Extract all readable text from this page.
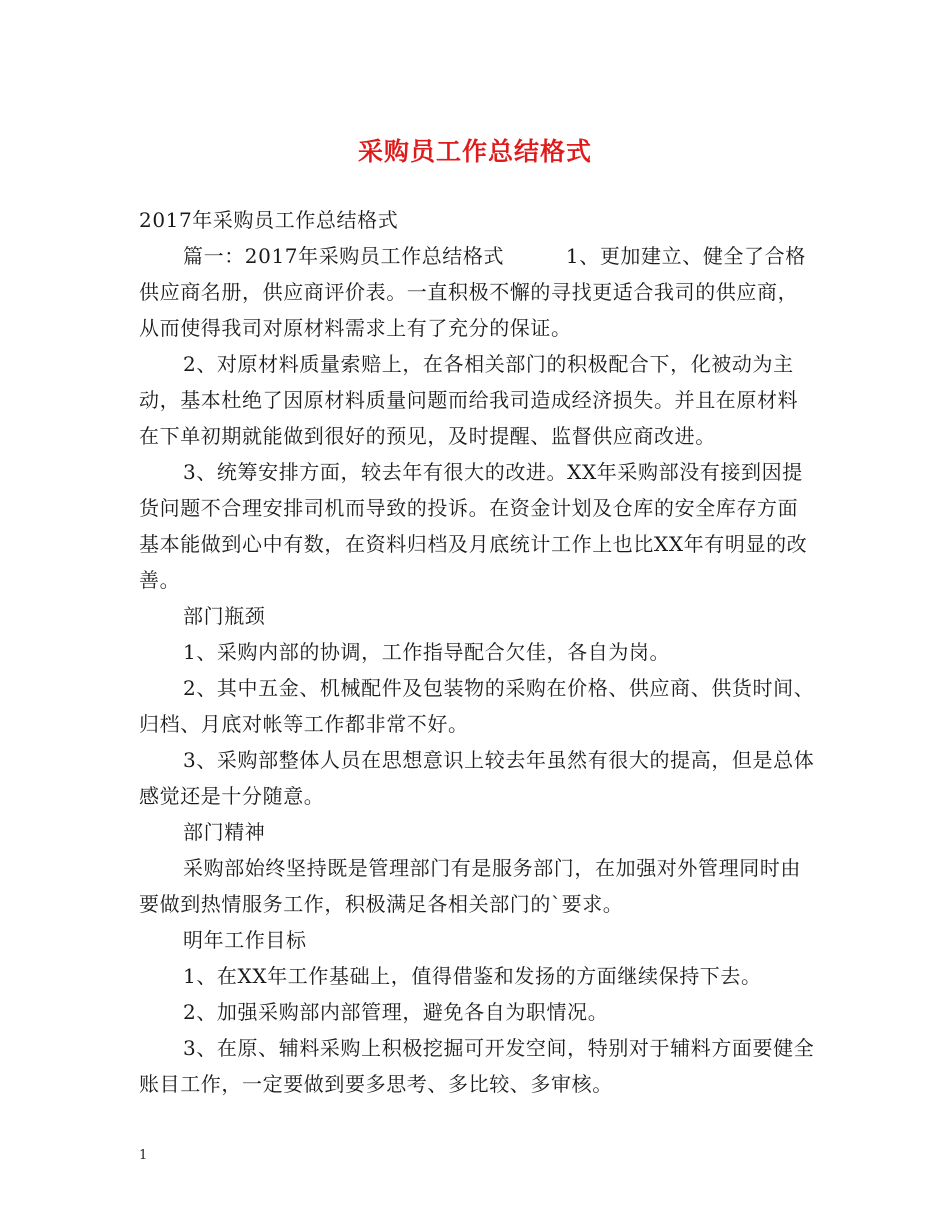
采购员工作总结格式

2017年采购员工作总结格式

篇一：2017年采购员工作总结格式　　　1、更加建立、健全了合格供应商名册，供应商评价表。一直积极不懈的寻找更适合我司的供应商，从而使得我司对原材料需求上有了充分的保证。

2、对原材料质量索赔上，在各相关部门的积极配合下，化被动为主动，基本杜绝了因原材料质量问题而给我司造成经济损失。并且在原材料在下单初期就能做到很好的预见，及时提醒、监督供应商改进。

3、统筹安排方面，较去年有很大的改进。XX年采购部没有接到因提货问题不合理安排司机而导致的投诉。在资金计划及仓库的安全库存方面基本能做到心中有数，在资料归档及月底统计工作上也比XX年有明显的改善。

部门瓶颈

1、采购内部的协调，工作指导配合欠佳，各自为岗。

2、其中五金、机械配件及包装物的采购在价格、供应商、供货时间、归档、月底对帐等工作都非常不好。

3、采购部整体人员在思想意识上较去年虽然有很大的提高，但是总体感觉还是十分随意。

部门精神

采购部始终坚持既是管理部门有是服务部门，在加强对外管理同时由要做到热情服务工作，积极满足各相关部门的`要求。

明年工作目标

1、在XX年工作基础上，值得借鉴和发扬的方面继续保持下去。

2、加强采购部内部管理，避免各自为职情况。

3、在原、辅料采购上积极挖掘可开发空间，特别对于辅料方面要健全账目工作，一定要做到要多思考、多比较、多审核。

1
